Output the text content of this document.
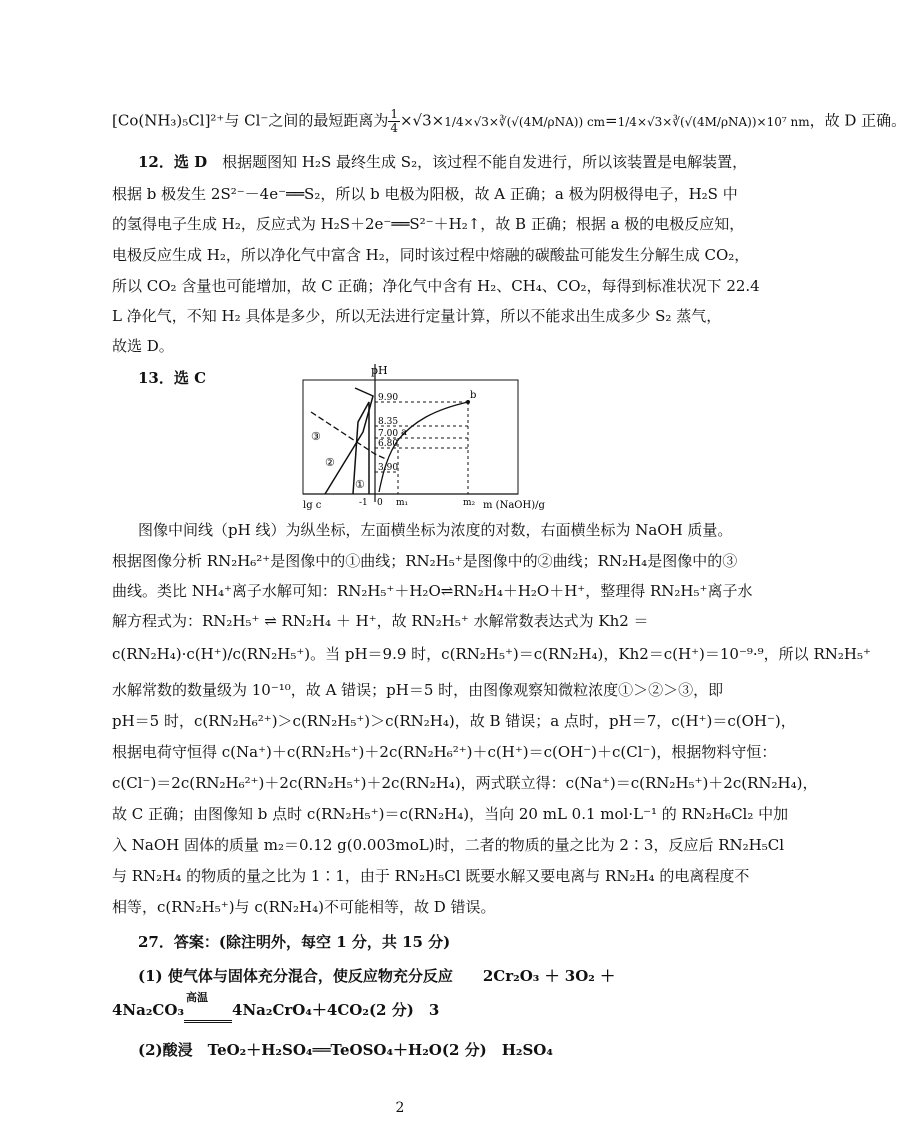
[Co(NH₃)₅Cl]²⁺与 Cl⁻之间的最短距离为 $\frac{1}{4}$ ×√3×1/4×√3×∛(√(4M/ρNA)) cm=1/4×√3×∛(√(4M/ρNA))×10⁷ nm，故 D 正确。
12．选 D　 根据题图知 H₂S 最终生成 S₂，该过程不能自发进行，所以该装置是电解装置，
根据 b 极发生 2S²⁻－4e⁻══S₂，所以 b 电极为阳极，故 A 正确；a 极为阴极得电子，H₂S 中
的氢得电子生成 H₂，反应式为 H₂S＋2e⁻══S²⁻＋H₂↑，故 B 正确；根据 a 极的电极反应知，
电极反应生成 H₂，所以净化气中富含 H₂，同时该过程中熔融的碳酸盐可能发生分解生成 CO₂，
所以 CO₂ 含量也可能增加，故 C 正确；净化气中含有 H₂、CH₄、CO₂，每得到标准状况下 22.4
L 净化气，不知 H₂ 具体是多少，所以无法进行定量计算，所以不能求出生成多少 S₂ 蒸气，
故选 D。
13．选 C	pH
lg c	m (NaOH)/g
9.90
8.35
7.00
6.80
3.90
-1 0 m₁	m₂
b
a
③
②
①
图像中间线（pH 线）为纵坐标，左面横坐标为浓度的对数，右面横坐标为 NaOH 质量。
根据图像分析 RN₂H₆²⁺是图像中的①曲线；RN₂H₅⁺是图像中的②曲线；RN₂H₄是图像中的③
曲线。类比 NH₄⁺离子水解可知：RN₂H₅⁺＋H₂O⇌RN₂H₄＋H₂O＋H⁺，整理得 RN₂H₅⁺离子水
解方程式为：RN₂H₅⁺ ⇌ RN₂H₄ ＋ H⁺，故 RN₂H₅⁺ 水解常数表达式为 Kh2 ＝
c(RN₂H₄)·c(H⁺)/c(RN₂H₅⁺)。当 pH＝9.9 时，c(RN₂H₅⁺)＝c(RN₂H₄)，Kh2＝c(H⁺)＝10⁻⁹·⁹，所以 RN₂H₅⁺
水解常数的数量级为 10⁻¹⁰，故 A 错误；pH＝5 时，由图像观察知微粒浓度①＞②＞③，即
pH＝5 时，c(RN₂H₆²⁺)＞c(RN₂H₅⁺)＞c(RN₂H₄)，故 B 错误；a 点时，pH＝7，c(H⁺)＝c(OH⁻)，
根据电荷守恒得 c(Na⁺)＋c(RN₂H₅⁺)＋2c(RN₂H₆²⁺)＋c(H⁺)＝c(OH⁻)＋c(Cl⁻)，根据物料守恒：
c(Cl⁻)＝2c(RN₂H₆²⁺)＋2c(RN₂H₅⁺)＋2c(RN₂H₄)，两式联立得：c(Na⁺)＝c(RN₂H₅⁺)＋2c(RN₂H₄)，
故 C 正确；由图像知 b 点时 c(RN₂H₅⁺)＝c(RN₂H₄)，当向 20 mL 0.1 mol·L⁻¹ 的 RN₂H₆Cl₂ 中加
入 NaOH 固体的质量 m₂＝0.12 g(0.003moL)时，二者的物质的量之比为 2∶3，反应后 RN₂H₅Cl
与 RN₂H₄ 的物质的量之比为 1∶1，由于 RN₂H₅Cl 既要水解又要电离与 RN₂H₄ 的电离程度不
相等，c(RN₂H₅⁺)与 c(RN₂H₄)不可能相等，故 D 错误。
27．答案：(除注明外，每空 1 分，共 15 分)
(1) 使气体与固体充分混合，使反应物充分反应　　 2Cr₂O₃ ＋ 3O₂ ＋
4Na₂CO₃
高温
4Na₂CrO₄＋4CO₂(2 分)　 3
(2)酸浸　TeO₂＋H₂SO₄══TeOSO₄＋H₂O(2 分)　H₂SO₄
2
